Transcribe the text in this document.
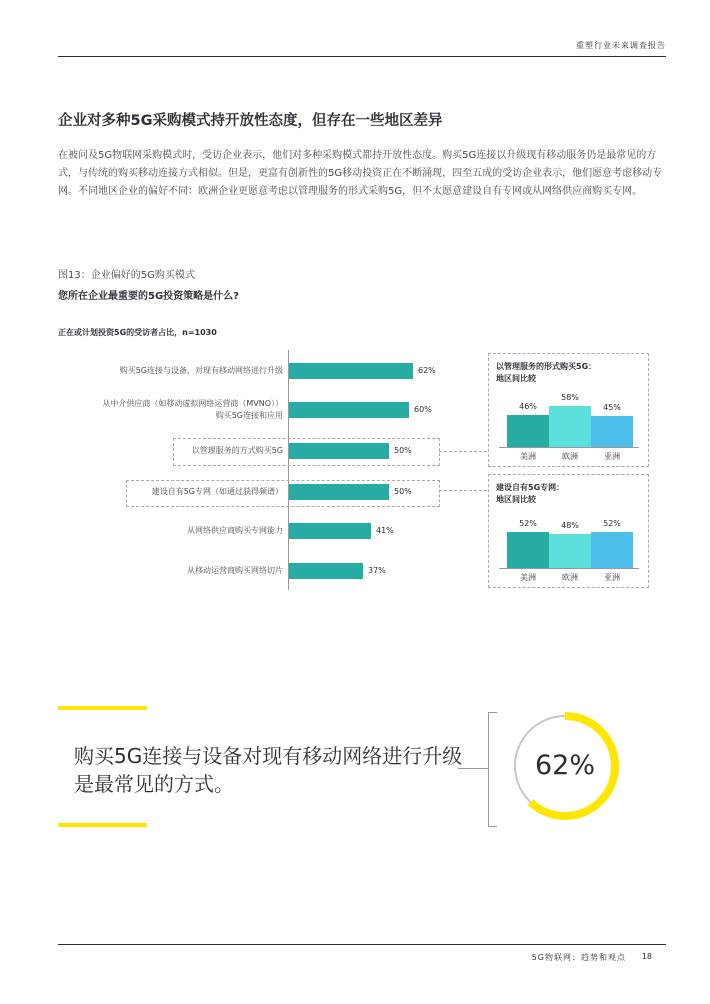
重塑行业未来调查报告
企业对多种5G采购模式持开放性态度，但存在一些地区差异
在被问及5G物联网采购模式时，受访企业表示，他们对多种采购模式都持开放性态度。购买5G连接以升级现有移动服务仍是最常见的方式，与传统的购买移动连接方式相似。但是，更富有创新性的5G移动投资正在不断涌现，四至五成的受访企业表示，他们愿意考虑移动专网。不同地区企业的偏好不同：欧洲企业更愿意考虑以管理服务的形式采购5G，但不太愿意建设自有专网或从网络供应商购买专网。
图13：企业偏好的5G购买模式
您所在企业最重要的5G投资策略是什么?
正在或计划投资5G的受访者占比，n=1030
购买5G连接与设备，对现有移动网络进行升级	62%
从中介供应商（如移动虚拟网络运营商（MVNO））
购买5G连接和应用
60%
以管理服务的方式购买5G	50%
建设自有5G专网（如通过获得频谱）	50%
从网络供应商购买专网能力	41%
从移动运营商购买网络切片	37%
以管理服务的形式购买5G：
地区间比较
46%
美洲
58%
欧洲
45%
亚洲
建设自有5G专网：
地区间比较
52%
美洲
48%
欧洲
52%
亚洲
购买5G连接与设备对现有移动网络进行升级是最常见的方式。
62%
5G物联网：趋势和观点 18
